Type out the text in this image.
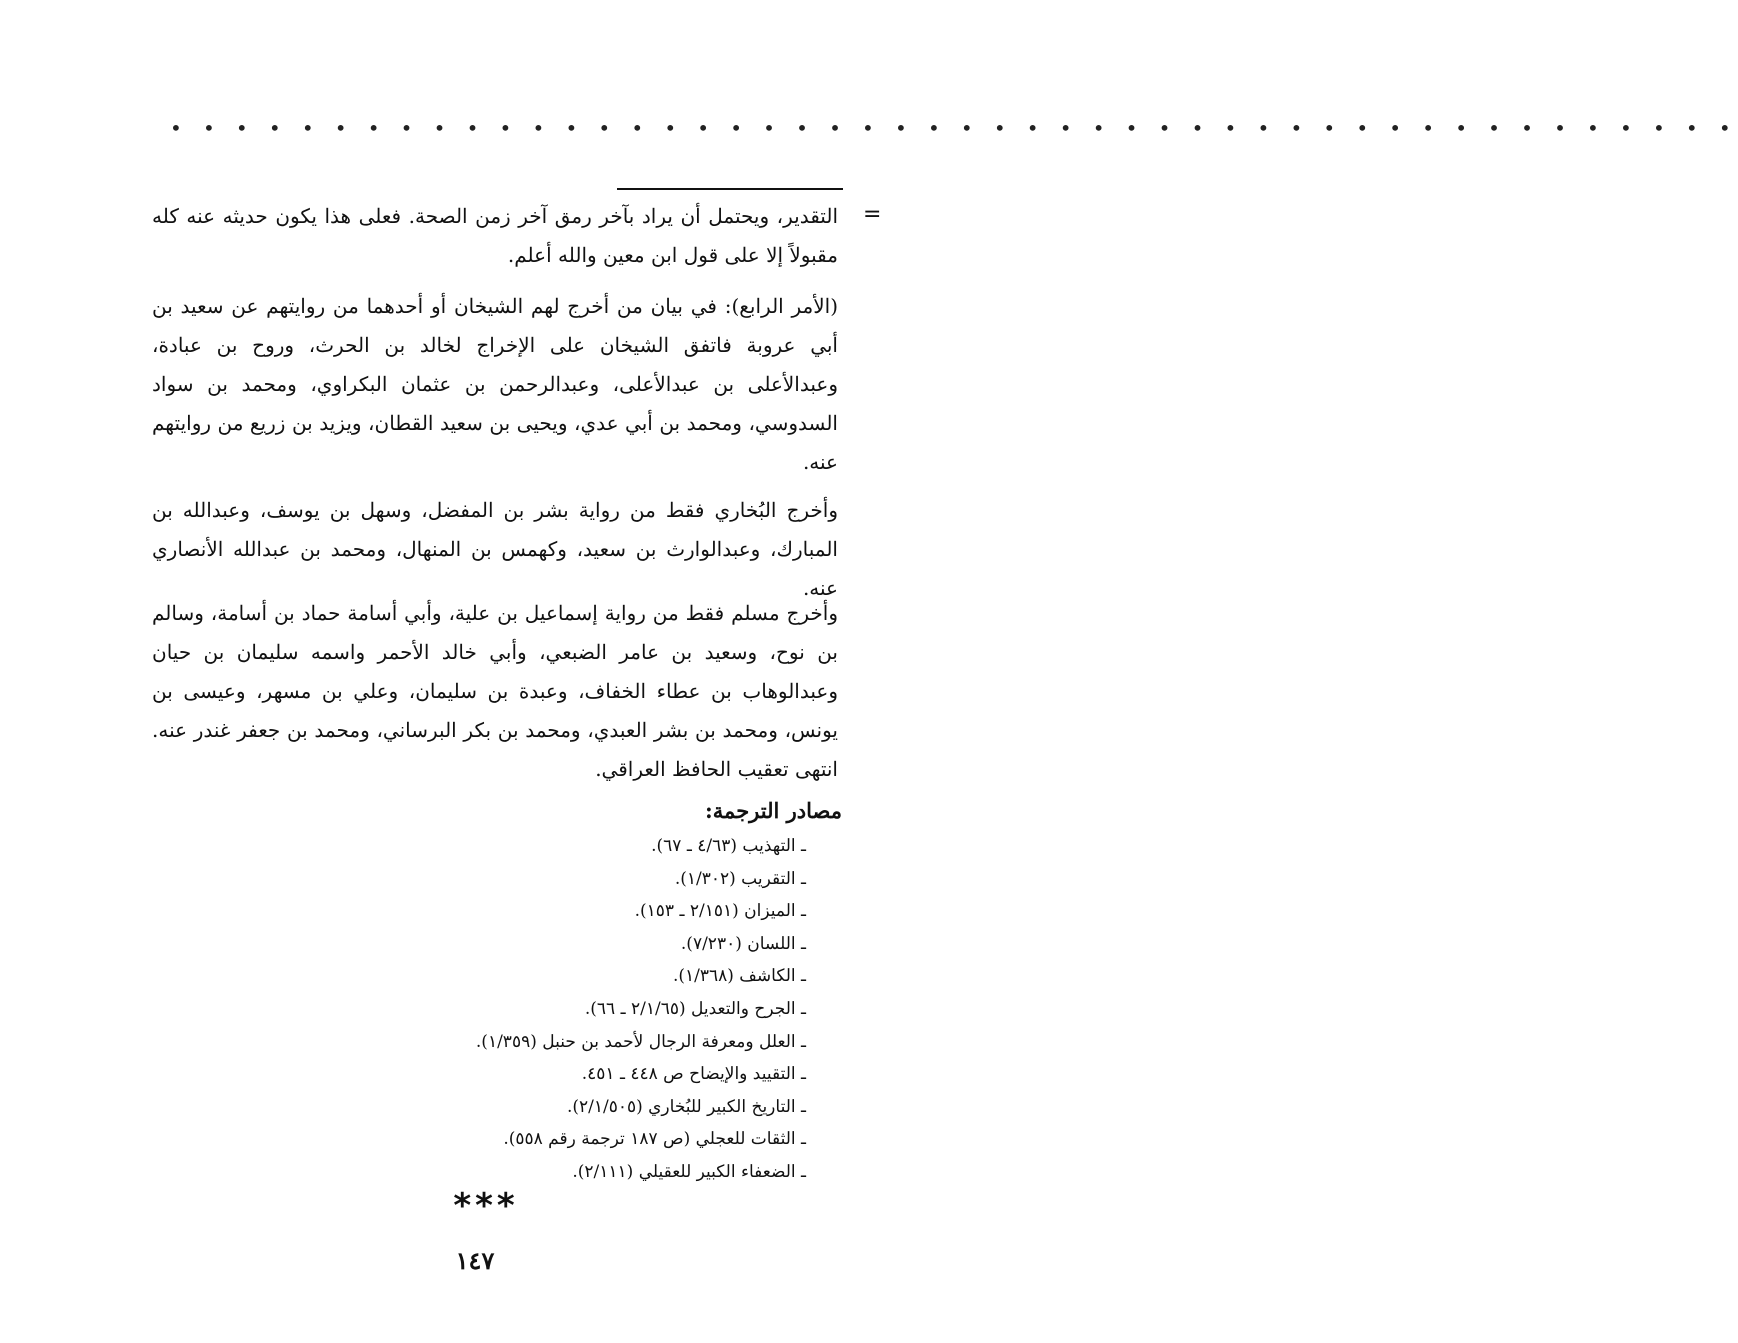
• • • • • • • • • • • • • • • • • • • • • • • • • • • • • • • • • • • • • • • • • • • • • • • •
=
التقدير، ويحتمل أن يراد بآخر رمق آخر زمن الصحة. فعلى هذا يكون حديثه عنه كله مقبولاً إلا على قول ابن معين والله أعلم.
(الأمر الرابع): في بيان من أخرج لهم الشيخان أو أحدهما من روايتهم عن سعيد بن أبي عروبة فاتفق الشيخان على الإخراج لخالد بن الحرث، وروح بن عبادة، وعبدالأعلى بن عبدالأعلى، وعبدالرحمن بن عثمان البكراوي، ومحمد بن سواد السدوسي، ومحمد بن أبي عدي، ويحيى بن سعيد القطان، ويزيد بن زريع من روايتهم عنه.
وأخرج البُخاري فقط من رواية بشر بن المفضل، وسهل بن يوسف، وعبدالله بن المبارك، وعبدالوارث بن سعيد، وكهمس بن المنهال، ومحمد بن عبدالله الأنصاري عنه.
وأخرج مسلم فقط من رواية إسماعيل بن علية، وأبي أسامة حماد بن أسامة، وسالم بن نوح، وسعيد بن عامر الضبعي، وأبي خالد الأحمر واسمه سليمان بن حيان وعبدالوهاب بن عطاء الخفاف، وعبدة بن سليمان، وعلي بن مسهر، وعيسى بن يونس، ومحمد بن بشر العبدي، ومحمد بن بكر البرساني، ومحمد بن جعفر غندر عنه. انتهى تعقيب الحافظ العراقي.
مصادر الترجمة:
ـ التهذيب (٤/٦٣ ـ ٦٧).
ـ التقريب (١/٣٠٢).
ـ الميزان (٢/١٥١ ـ ١٥٣).
ـ اللسان (٧/٢٣٠).
ـ الكاشف (١/٣٦٨).
ـ الجرح والتعديل (٢/١/٦٥ ـ ٦٦).
ـ العلل ومعرفة الرجال لأحمد بن حنبل (١/٣٥٩).
ـ التقييد والإيضاح ص ٤٤٨ ـ ٤٥١.
ـ التاريخ الكبير للبُخاري (٢/١/٥٠٥).
ـ الثقات للعجلي (ص ١٨٧ ترجمة رقم ٥٥٨).
ـ الضعفاء الكبير للعقيلي (٢/١١١).
***
١٤٧
